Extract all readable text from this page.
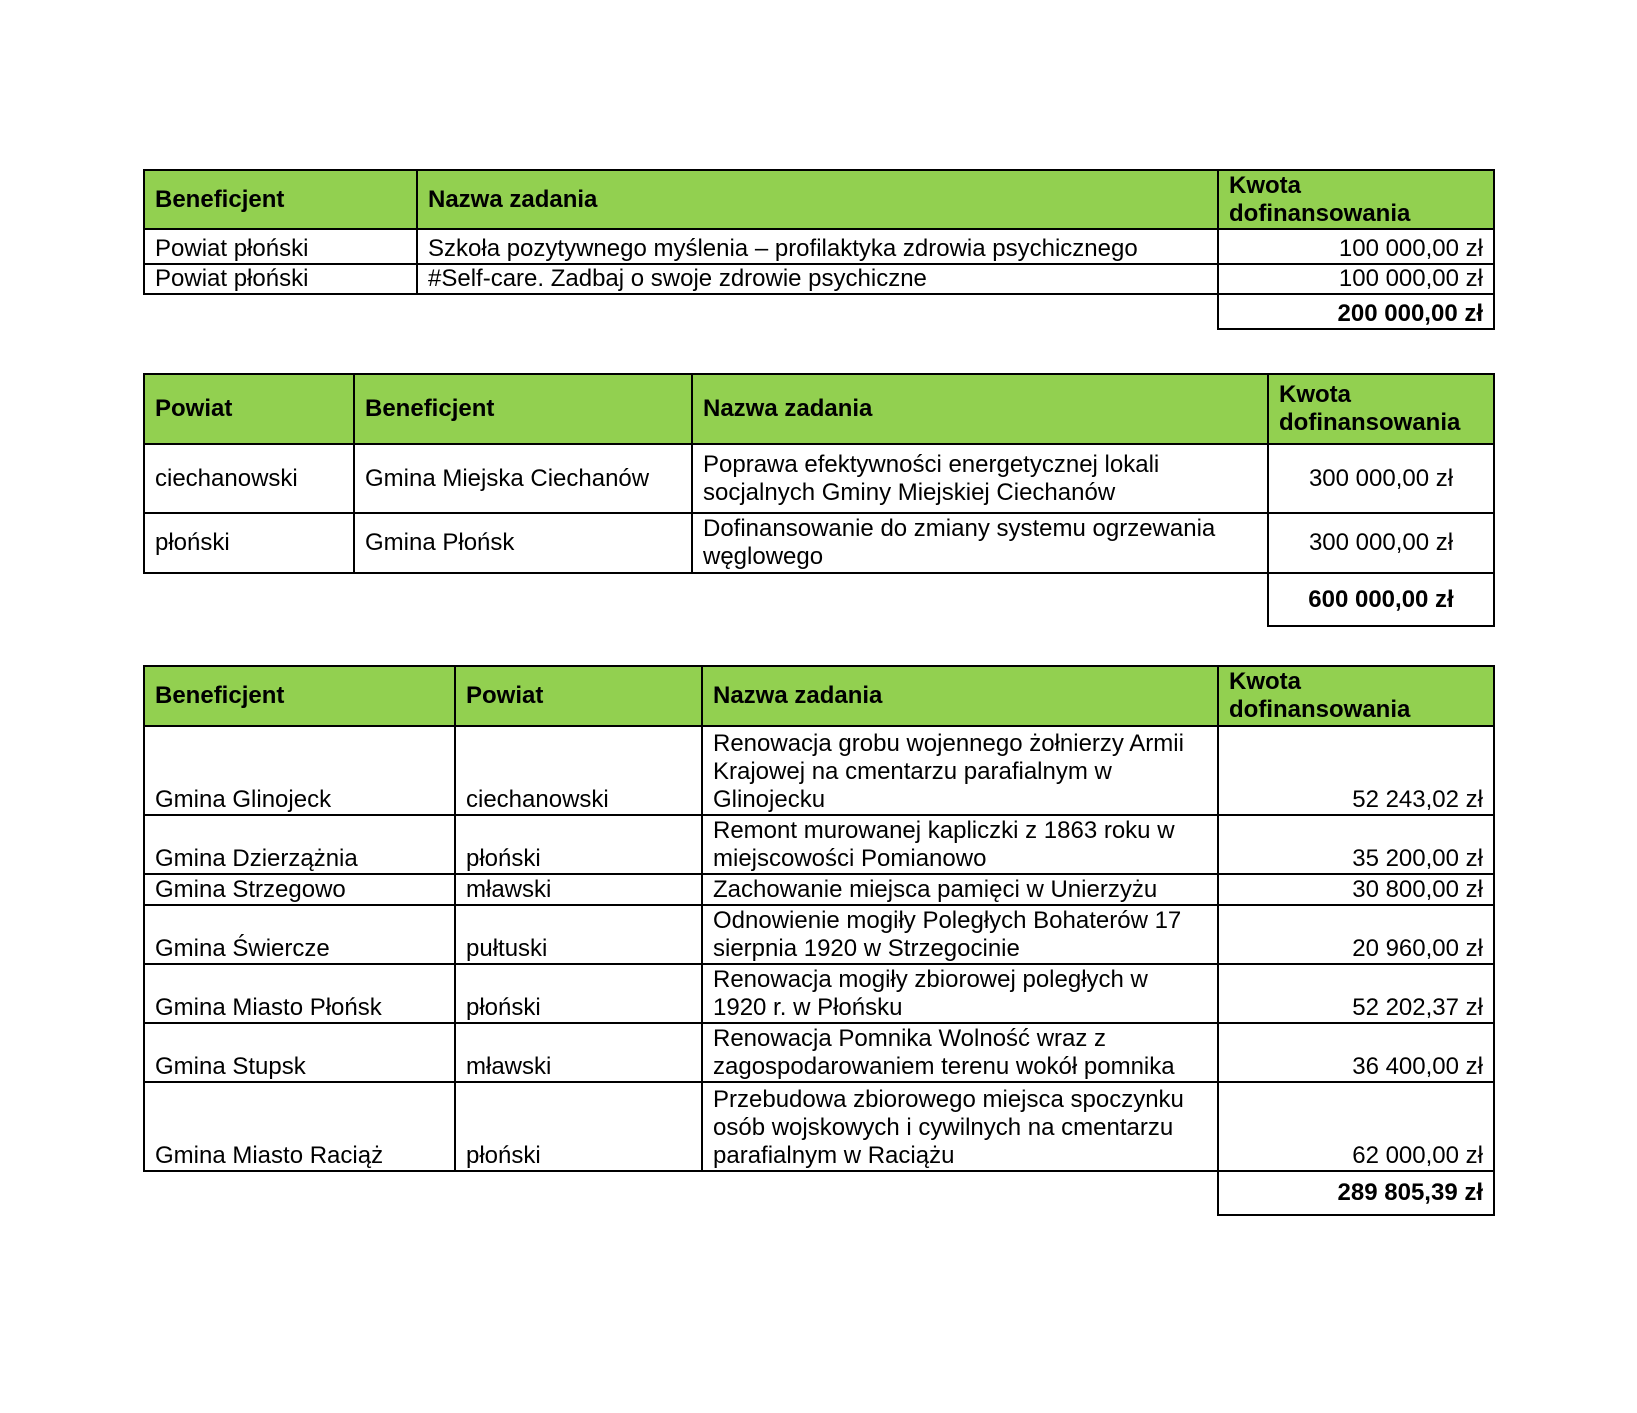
Beneficjent	Nazwa zadania	Kwota dofinansowania
Powiat płoński	Szkoła pozytywnego myślenia – profilaktyka zdrowia psychicznego	100 000,00 zł
Powiat płoński	#Self-care. Zadbaj o swoje zdrowie psychiczne	100 000,00 zł
		200 000,00 zł
Powiat	Beneficjent	Nazwa zadania	Kwota dofinansowania
ciechanowski	Gmina Miejska Ciechanów	Poprawa efektywności energetycznej lokali socjalnych Gminy Miejskiej Ciechanów	300 000,00 zł
płoński	Gmina Płońsk	Dofinansowanie do zmiany systemu ogrzewania węglowego	300 000,00 zł
			600 000,00 zł
Beneficjent	Powiat	Nazwa zadania	Kwota dofinansowania
Gmina Glinojeck	ciechanowski	Renowacja grobu wojennego żołnierzy Armii Krajowej na cmentarzu parafialnym w Glinojecku	52 243,02 zł
Gmina Dzierzążnia	płoński	Remont murowanej kapliczki z 1863 roku w miejscowości Pomianowo	35 200,00 zł
Gmina Strzegowo	mławski	Zachowanie miejsca pamięci w Unierzyżu	30 800,00 zł
Gmina Świercze	pułtuski	Odnowienie mogiły Poległych Bohaterów 17 sierpnia 1920 w Strzegocinie	20 960,00 zł
Gmina Miasto Płońsk	płoński	Renowacja mogiły zbiorowej poległych w 1920 r. w Płońsku	52 202,37 zł
Gmina Stupsk	mławski	Renowacja Pomnika Wolność wraz z zagospodarowaniem terenu wokół pomnika	36 400,00 zł
Gmina Miasto Raciąż	płoński	Przebudowa zbiorowego miejsca spoczynku osób wojskowych i cywilnych na cmentarzu parafialnym w Raciążu	62 000,00 zł
			289 805,39 zł
